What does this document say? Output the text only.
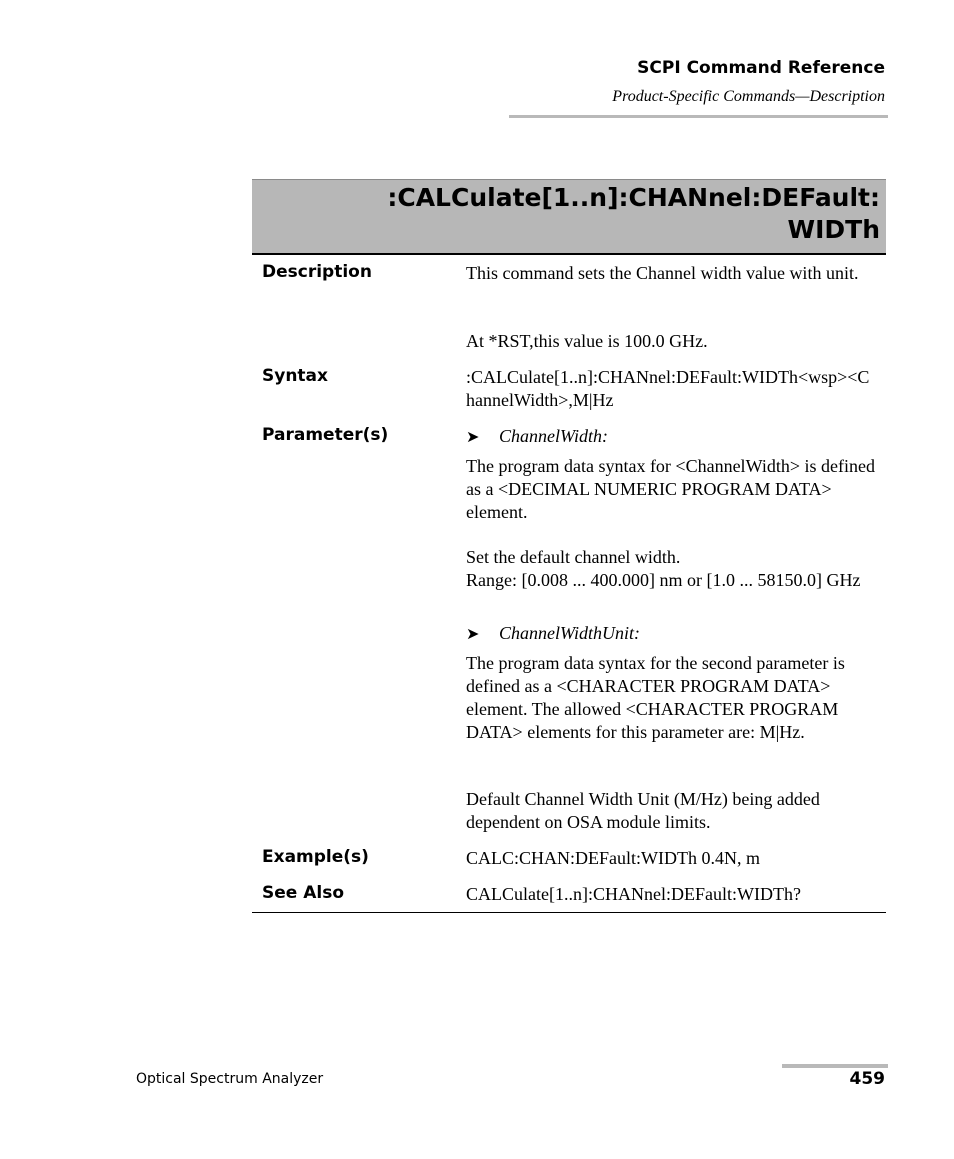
SCPI Command Reference
Product-Specific Commands—Description
:CALCulate[1..n]:CHANnel:DEFault:
WIDTh
Description	This command sets the Channel width value with unit.
At *RST,this value is 100.0 GHz.
Syntax	:CALCulate[1..n]:CHANnel:DEFault:WIDTh<wsp><ChannelWidth>,M|Hz
Parameter(s)	➤ ChannelWidth:
The program data syntax for <ChannelWidth> is defined as a <DECIMAL NUMERIC PROGRAM DATA> element.
Set the default channel width.
Range: [0.008 ... 400.000] nm or [1.0 ... 58150.0] GHz
➤ ChannelWidthUnit:
The program data syntax for the second parameter is defined as a <CHARACTER PROGRAM DATA> element. The allowed <CHARACTER PROGRAM DATA> elements for this parameter are: M|Hz.
Default Channel Width Unit (M/Hz) being added dependent on OSA module limits.
Example(s)	CALC:CHAN:DEFault:WIDTh 0.4N, m
See Also	CALCulate[1..n]:CHANnel:DEFault:WIDTh?
Optical Spectrum Analyzer	459
